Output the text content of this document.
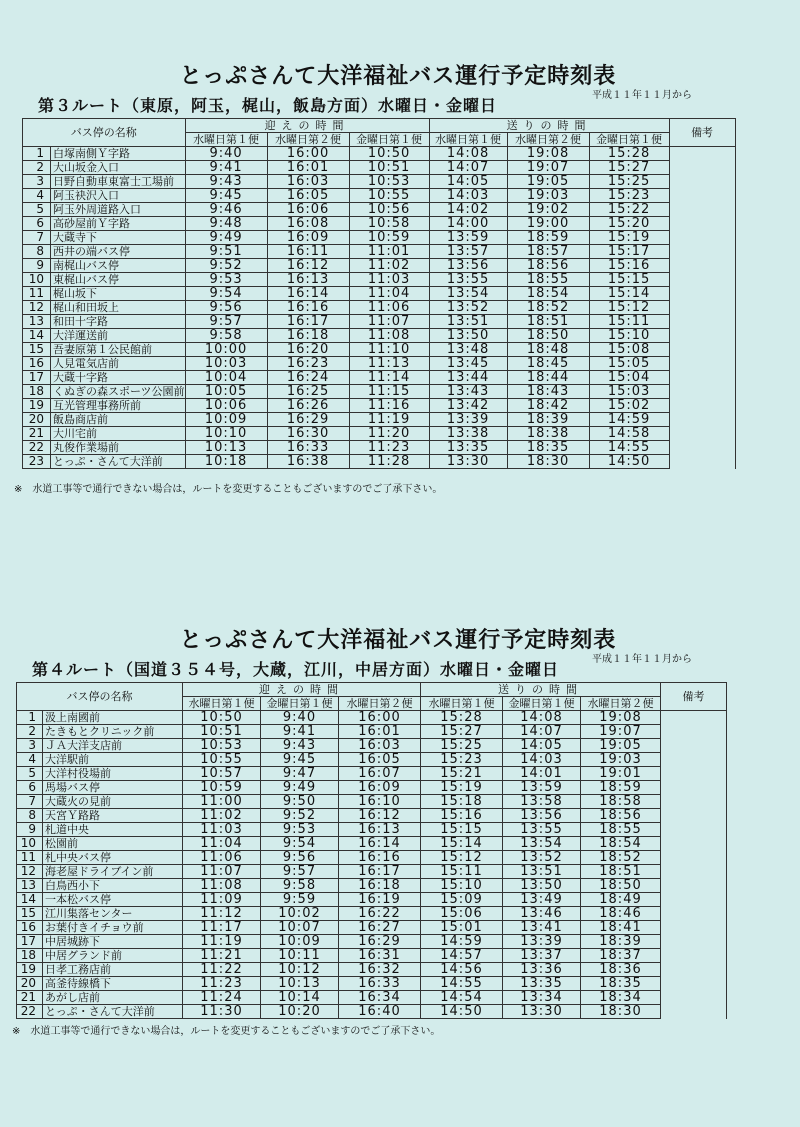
とっぷさんて大洋福祉バス運行予定時刻表
第３ルート（東原，阿玉，梶山，飯島方面）水曜日・金曜日
平成１１年１１月から
バス停の名称		迎えの時間			送りの時間			備考
		水曜日第１便	水曜日第２便	金曜日第１便	水曜日第１便	水曜日第２便	金曜日第１便	
1	白塚南側Ｙ字路	9:40	16:00	10:50	14:08	19:08	15:28	
2	大山坂金入口	9:41	16:01	10:51	14:07	19:07	15:27	
3	日野自動車東富士工場前	9:43	16:03	10:53	14:05	19:05	15:25	
4	阿玉袂沢入口	9:45	16:05	10:55	14:03	19:03	15:23	
5	阿玉外周道路入口	9:46	16:06	10:56	14:02	19:02	15:22	
6	高砂屋前Ｙ字路	9:48	16:08	10:58	14:00	19:00	15:20	
7	大蔵寺下	9:49	16:09	10:59	13:59	18:59	15:19	
8	西井の端バス停	9:51	16:11	11:01	13:57	18:57	15:17	
9	南梶山バス停	9:52	16:12	11:02	13:56	18:56	15:16	
10	東梶山バス停	9:53	16:13	11:03	13:55	18:55	15:15	
11	梶山坂下	9:54	16:14	11:04	13:54	18:54	15:14	
12	梶山和田坂上	9:56	16:16	11:06	13:52	18:52	15:12	
13	和田十字路	9:57	16:17	11:07	13:51	18:51	15:11	
14	大洋運送前	9:58	16:18	11:08	13:50	18:50	15:10	
15	吾妻原第１公民館前	10:00	16:20	11:10	13:48	18:48	15:08	
16	人見電気店前	10:03	16:23	11:13	13:45	18:45	15:05	
17	大蔵十字路	10:04	16:24	11:14	13:44	18:44	15:04	
18	くぬぎの森スポーツ公園前	10:05	16:25	11:15	13:43	18:43	15:03	
19	互光管理事務所前	10:06	16:26	11:16	13:42	18:42	15:02	
20	飯島商店前	10:09	16:29	11:19	13:39	18:39	14:59	
21	大川宅前	10:10	16:30	11:20	13:38	18:38	14:58	
22	丸俊作業場前	10:13	16:33	11:23	13:35	18:35	14:55	
23	とっぷ・さんて大洋前	10:18	16:38	11:28	13:30	18:30	14:50	
※　水道工事等で通行できない場合は，ルートを変更することもございますのでご了承下さい。
とっぷさんて大洋福祉バス運行予定時刻表
第４ルート（国道３５４号，大蔵，江川，中居方面）水曜日・金曜日
平成１１年１１月から
バス停の名称		迎えの時間			送りの時間			備考
		水曜日第１便	金曜日第１便	水曜日第２便	水曜日第１便	金曜日第１便	水曜日第２便	
1	汲上南國前	10:50	9:40	16:00	15:28	14:08	19:08	
2	たきもとクリニック前	10:51	9:41	16:01	15:27	14:07	19:07	
3	ＪＡ大洋支店前	10:53	9:43	16:03	15:25	14:05	19:05	
4	大洋駅前	10:55	9:45	16:05	15:23	14:03	19:03	
5	大洋村役場前	10:57	9:47	16:07	15:21	14:01	19:01	
6	馬場バス停	10:59	9:49	16:09	15:19	13:59	18:59	
7	大蔵火の見前	11:00	9:50	16:10	15:18	13:58	18:58	
8	天宮Ｙ路路	11:02	9:52	16:12	15:16	13:56	18:56	
9	札道中央	11:03	9:53	16:13	15:15	13:55	18:55	
10	松園前	11:04	9:54	16:14	15:14	13:54	18:54	
11	札中央バス停	11:06	9:56	16:16	15:12	13:52	18:52	
12	海老屋ドライブイン前	11:07	9:57	16:17	15:11	13:51	18:51	
13	白鳥西小下	11:08	9:58	16:18	15:10	13:50	18:50	
14	一本松バス停	11:09	9:59	16:19	15:09	13:49	18:49	
15	江川集落センター	11:12	10:02	16:22	15:06	13:46	18:46	
16	お葉付きイチョウ前	11:17	10:07	16:27	15:01	13:41	18:41	
17	中居城跡下	11:19	10:09	16:29	14:59	13:39	18:39	
18	中居グランド前	11:21	10:11	16:31	14:57	13:37	18:37	
19	日孝工務店前	11:22	10:12	16:32	14:56	13:36	18:36	
20	高釜待線橋下	11:23	10:13	16:33	14:55	13:35	18:35	
21	あがし店前	11:24	10:14	16:34	14:54	13:34	18:34	
22	とっぷ・さんて大洋前	11:30	10:20	16:40	14:50	13:30	18:30	
※　水道工事等で通行できない場合は，ルートを変更することもございますのでご了承下さい。
